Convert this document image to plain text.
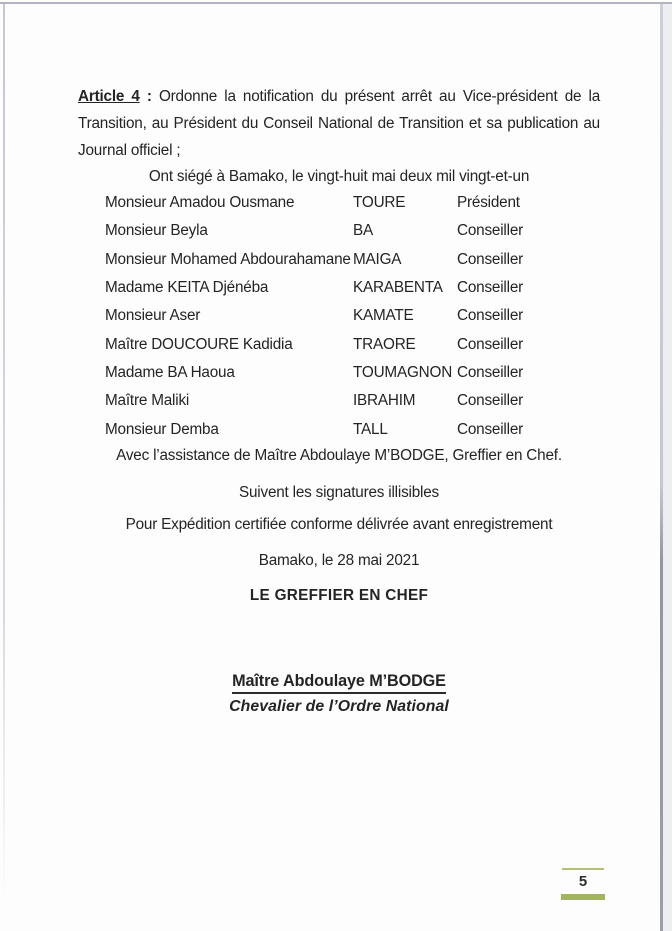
Article 4 : Ordonne la notification du présent arrêt au Vice-président de la Transition, au Président du Conseil National de Transition et sa publication au Journal officiel ;

Ont siégé à Bamako, le vingt-huit mai deux mil vingt-et-un
Monsieur Amadou Ousmane	TOURE	Président
Monsieur Beyla	BA	Conseiller
Monsieur Mohamed Abdourahamane MAIGA	Conseiller
Madame KEITA Djénéba	KARABENTA Conseiller
Monsieur Aser	KAMATE	Conseiller
Maître DOUCOURE Kadidia	TRAORE	Conseiller
Madame BA Haoua	TOUMAGNON Conseiller
Maître Maliki	IBRAHIM	Conseiller
Monsieur Demba	TALL	Conseiller
Avec l’assistance de Maître Abdoulaye M’BODGE, Greffier en Chef.
Suivent les signatures illisibles
Pour Expédition certifiée conforme délivrée avant enregistrement
Bamako, le 28 mai 2021
LE GREFFIER EN CHEF
Maître Abdoulaye M’BODGE
Chevalier de l’Ordre National
5
